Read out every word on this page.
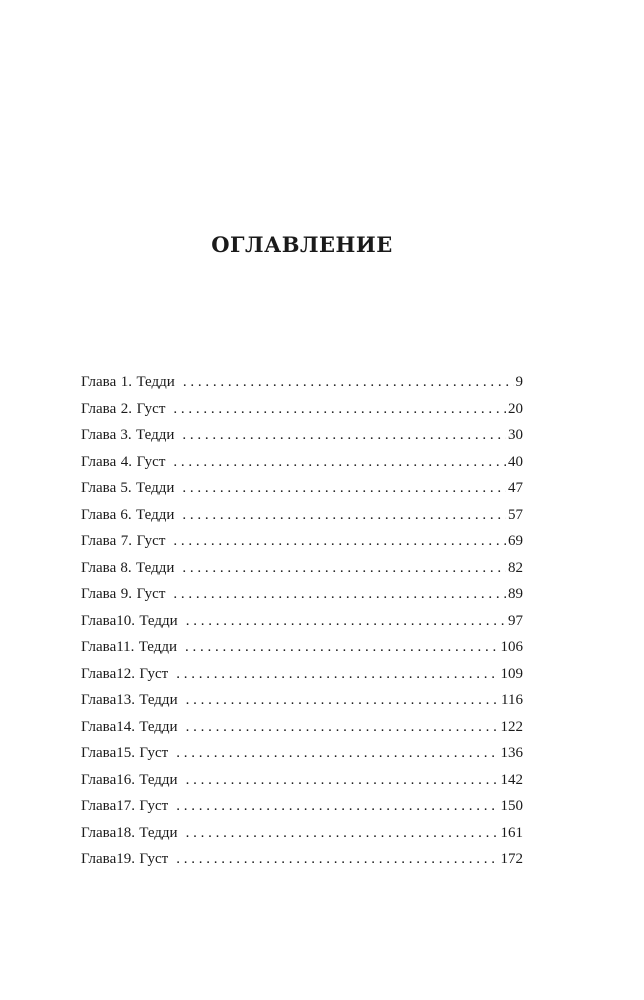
ОГЛАВЛЕНИЕ
Глава 1. Тедди . . .	9
Глава 2. Густ . . .	20
Глава 3. Тедди . . .	30
Глава 4. Густ . . .	40
Глава 5. Тедди . . .	47
Глава 6. Тедди . . .	57
Глава 7. Густ . . .	69
Глава 8. Тедди . . .	82
Глава 9. Густ . . .	89
Глава 10. Тедди . . .	97
Глава 11. Тедди . . .	106
Глава 12. Густ . . .	109
Глава 13. Тедди . . .	116
Глава 14. Тедди . . .	122
Глава 15. Густ . . .	136
Глава 16. Тедди . . .	142
Глава 17. Густ . . .	150
Глава 18. Тедди . . .	161
Глава 19. Густ . . .	172
